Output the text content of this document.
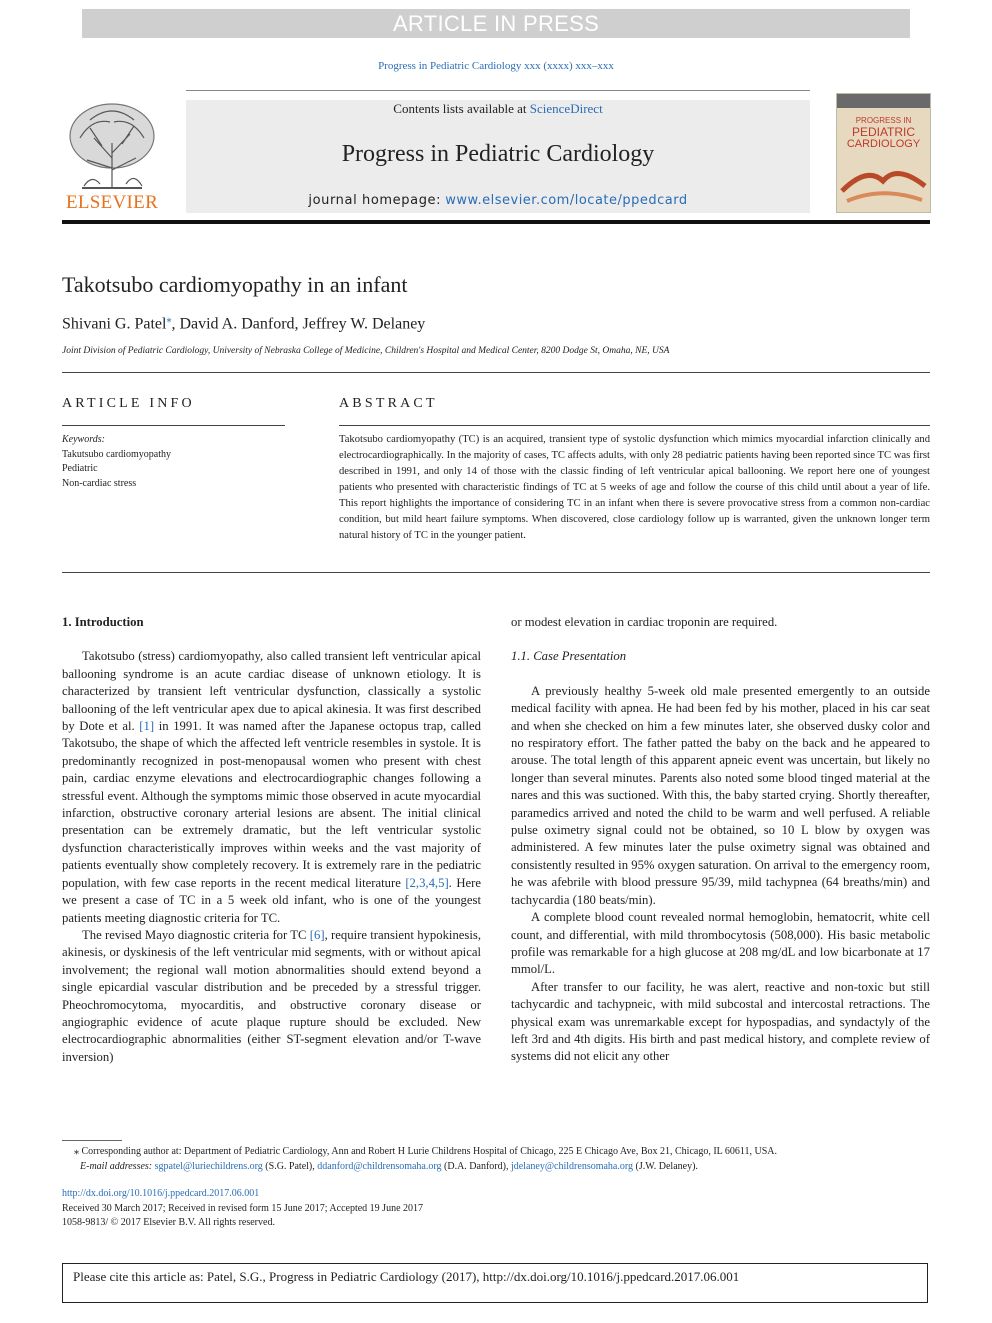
ARTICLE IN PRESS
Progress in Pediatric Cardiology xxx (xxxx) xxx–xxx
Contents lists available at ScienceDirect
Progress in Pediatric Cardiology
journal homepage: www.elsevier.com/locate/ppedcard
ELSEVIER
PROGRESS IN
PEDIATRIC
CARDIOLOGY
Takotsubo cardiomyopathy in an infant
Shivani G. Patel⁎, David A. Danford, Jeffrey W. Delaney
Joint Division of Pediatric Cardiology, University of Nebraska College of Medicine, Children's Hospital and Medical Center, 8200 Dodge St, Omaha, NE, USA
ARTICLE INFO
Keywords:
Takutsubo cardiomyopathy
Pediatric
Non-cardiac stress
ABSTRACT
Takotsubo cardiomyopathy (TC) is an acquired, transient type of systolic dysfunction which mimics myocardial infarction clinically and electrocardiographically. In the majority of cases, TC affects adults, with only 28 pediatric patients having been reported since TC was first described in 1991, and only 14 of those with the classic finding of left ventricular apical ballooning. We report here one of youngest patients who presented with characteristic findings of TC at 5 weeks of age and follow the course of this child until about a year of life. This report highlights the importance of considering TC in an infant when there is severe provocative stress from a common non-cardiac condition, but mild heart failure symptoms. When discovered, close cardiology follow up is warranted, given the unknown longer term natural history of TC in the younger patient.

1. Introduction

Takotsubo (stress) cardiomyopathy, also called transient left ventricular apical ballooning syndrome is an acute cardiac disease of unknown etiology. It is characterized by transient left ventricular dysfunction, classically a systolic ballooning of the left ventricular apex due to apical akinesia. It was first described by Dote et al. [1] in 1991. It was named after the Japanese octopus trap, called Takotsubo, the shape of which the affected left ventricle resembles in systole. It is predominantly recognized in post-menopausal women who present with chest pain, cardiac enzyme elevations and electrocardiographic changes following a stressful event. Although the symptoms mimic those observed in acute myocardial infarction, obstructive coronary arterial lesions are absent. The initial clinical presentation can be extremely dramatic, but the left ventricular systolic dysfunction characteristically improves within weeks and the vast majority of patients eventually show completely recovery. It is extremely rare in the pediatric population, with few case reports in the recent medical literature [2,3,4,5]. Here we present a case of TC in a 5 week old infant, who is one of the youngest patients meeting diagnostic criteria for TC.

The revised Mayo diagnostic criteria for TC [6], require transient hypokinesis, akinesis, or dyskinesis of the left ventricular mid segments, with or without apical involvement; the regional wall motion abnormalities should extend beyond a single epicardial vascular distribution and be preceded by a stressful trigger. Pheochromocytoma, myocarditis, and obstructive coronary disease or angiographic evidence of acute plaque rupture should be excluded. New electrocardiographic abnormalities (either ST-segment elevation and/or T-wave inversion)

or modest elevation in cardiac troponin are required.

1.1. Case Presentation

A previously healthy 5-week old male presented emergently to an outside medical facility with apnea. He had been fed by his mother, placed in his car seat and when she checked on him a few minutes later, she observed dusky color and no respiratory effort. The father patted the baby on the back and he appeared to arouse. The total length of this apparent apneic event was uncertain, but likely no longer than several minutes. Parents also noted some blood tinged material at the nares and this was suctioned. With this, the baby started crying. Shortly thereafter, paramedics arrived and noted the child to be warm and well perfused. A reliable pulse oximetry signal could not be obtained, so 10 L blow by oxygen was administered. A few minutes later the pulse oximetry signal was obtained and consistently resulted in 95% oxygen saturation. On arrival to the emergency room, he was afebrile with blood pressure 95/39, mild tachypnea (64 breaths/min) and tachycardia (180 beats/min).

A complete blood count revealed normal hemoglobin, hematocrit, white cell count, and differential, with mild thrombocytosis (508,000). His basic metabolic profile was remarkable for a high glucose at 208 mg/dL and low bicarbonate at 17 mmol/L.

After transfer to our facility, he was alert, reactive and non-toxic but still tachycardic and tachypneic, with mild subcostal and intercostal retractions. The physical exam was unremarkable except for hypospadias, and syndactyly of the left 3rd and 4th digits. His birth and past medical history, and complete review of systems did not elicit any other

⁎ Corresponding author at: Department of Pediatric Cardiology, Ann and Robert H Lurie Childrens Hospital of Chicago, 225 E Chicago Ave, Box 21, Chicago, IL 60611, USA.
E-mail addresses: sgpatel@luriechildrens.org (S.G. Patel), ddanford@childrensomaha.org (D.A. Danford), jdelaney@childrensomaha.org (J.W. Delaney).
http://dx.doi.org/10.1016/j.ppedcard.2017.06.001
Received 30 March 2017; Received in revised form 15 June 2017; Accepted 19 June 2017
1058-9813/ © 2017 Elsevier B.V. All rights reserved.
Please cite this article as: Patel, S.G., Progress in Pediatric Cardiology (2017), http://dx.doi.org/10.1016/j.ppedcard.2017.06.001
